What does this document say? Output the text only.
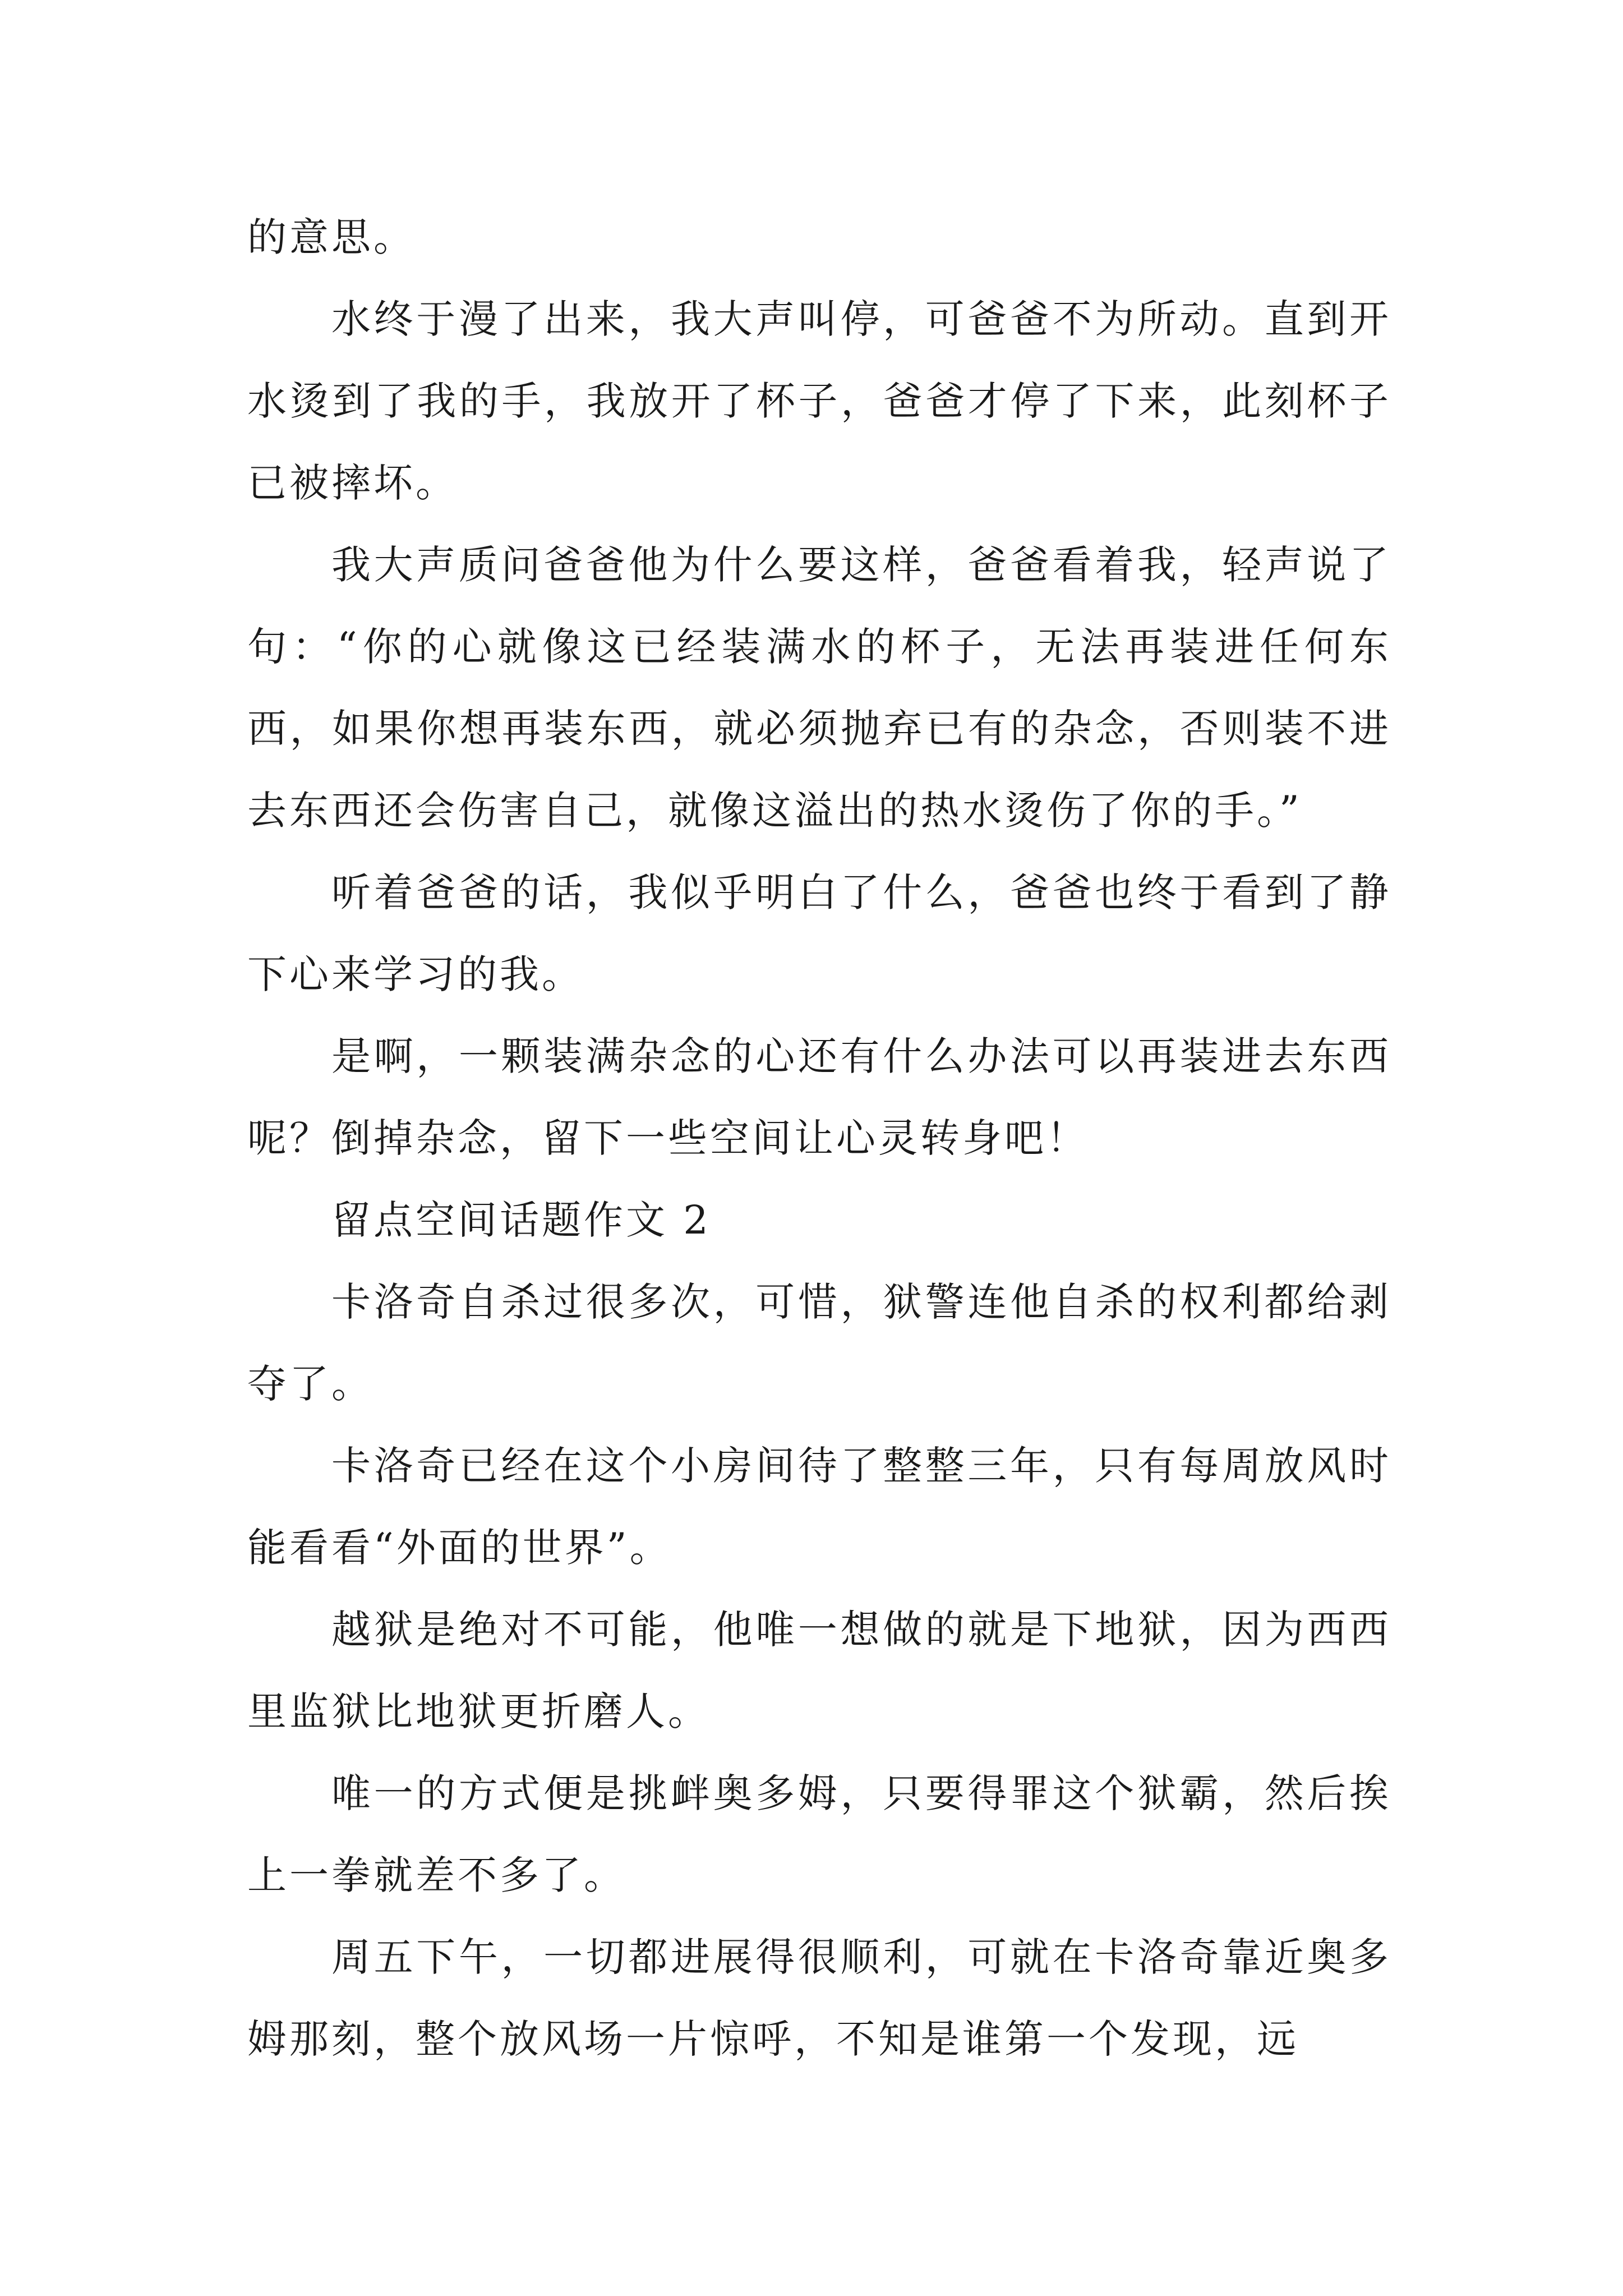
的意思。

水终于漫了出来，我大声叫停，可爸爸不为所动。直到开水烫到了我的手，我放开了杯子，爸爸才停了下来，此刻杯子已被摔坏。

我大声质问爸爸他为什么要这样，爸爸看着我，轻声说了句：“你的心就像这已经装满水的杯子，无法再装进任何东西，如果你想再装东西，就必须抛弃已有的杂念，否则装不进去东西还会伤害自己，就像这溢出的热水烫伤了你的手。”

听着爸爸的话，我似乎明白了什么，爸爸也终于看到了静下心来学习的我。

是啊，一颗装满杂念的心还有什么办法可以再装进去东西呢？倒掉杂念，留下一些空间让心灵转身吧！

留点空间话题作文 2

卡洛奇自杀过很多次，可惜，狱警连他自杀的权利都给剥夺了。

卡洛奇已经在这个小房间待了整整三年，只有每周放风时能看看“外面的世界”。

越狱是绝对不可能，他唯一想做的就是下地狱，因为西西里监狱比地狱更折磨人。

唯一的方式便是挑衅奥多姆，只要得罪这个狱霸，然后挨上一拳就差不多了。

周五下午，一切都进展得很顺利，可就在卡洛奇靠近奥多姆那刻，整个放风场一片惊呼，不知是谁第一个发现，远
